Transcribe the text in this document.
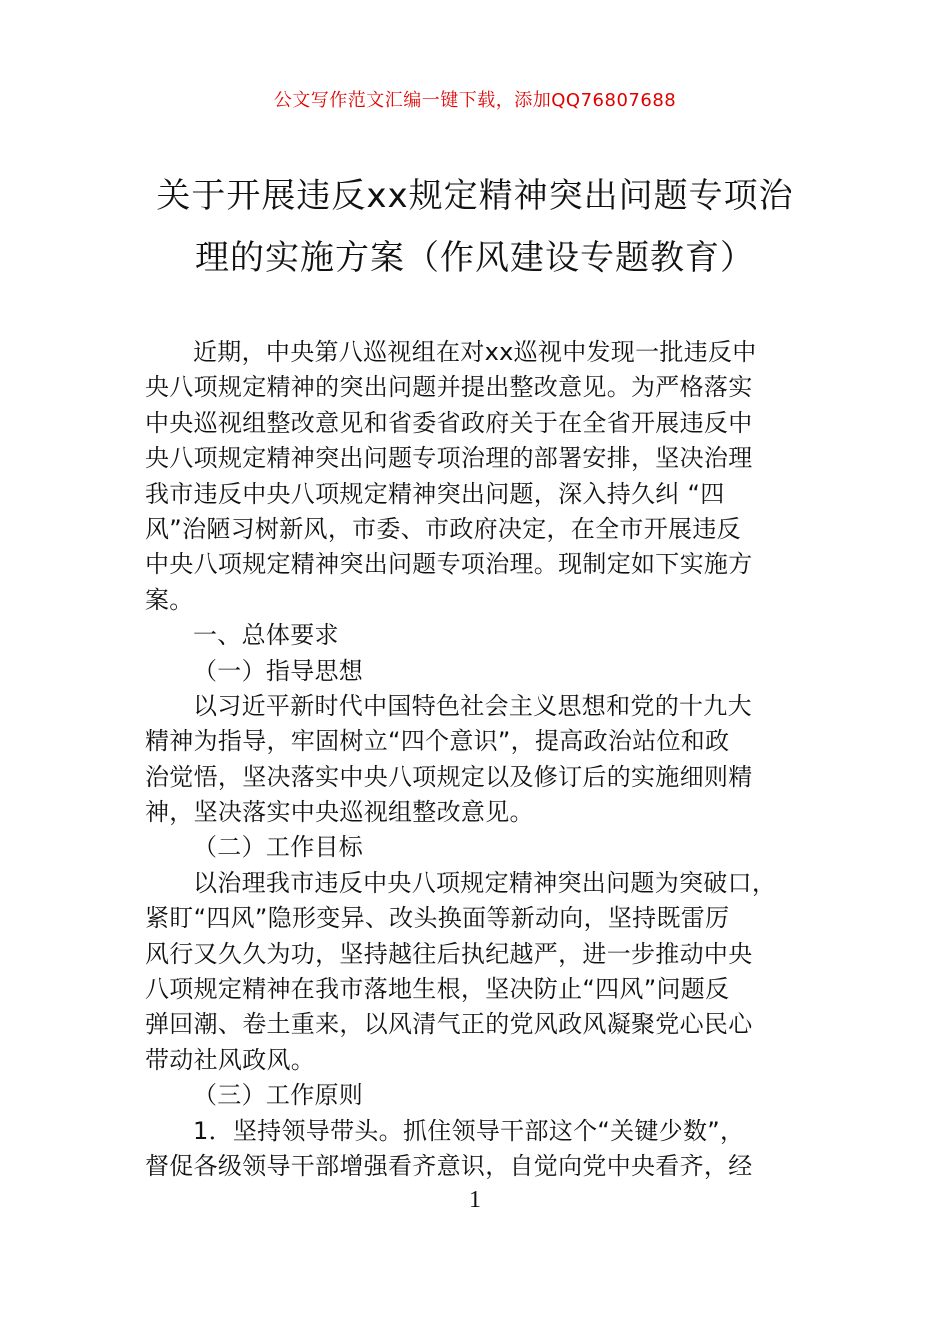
公文写作范文汇编一键下载，添加QQ76807688
关于开展违反xx规定精神突出问题专项治
理的实施方案（作风建设专题教育）
近期，中央第八巡视组在对xx巡视中发现一批违反中
央八项规定精神的突出问题并提出整改意见。为严格落实
中央巡视组整改意见和省委省政府关于在全省开展违反中
央八项规定精神突出问题专项治理的部署安排，坚决治理
我市违反中央八项规定精神突出问题，深入持久纠 “四
风”治陋习树新风，市委、市政府决定，在全市开展违反
中央八项规定精神突出问题专项治理。现制定如下实施方
案。
一、总体要求
（一）指导思想
以习近平新时代中国特色社会主义思想和党的十九大
精神为指导，牢固树立“四个意识”，提高政治站位和政
治觉悟，坚决落实中央八项规定以及修订后的实施细则精
神，坚决落实中央巡视组整改意见。
（二）工作目标
以治理我市违反中央八项规定精神突出问题为突破口，
紧盯“四风”隐形变异、改头换面等新动向，坚持既雷厉
风行又久久为功，坚持越往后执纪越严，进一步推动中央
八项规定精神在我市落地生根，坚决防止“四风”问题反
弹回潮、卷土重来，以风清气正的党风政风凝聚党心民心
带动社风政风。
（三）工作原则
1．坚持领导带头。抓住领导干部这个“关键少数”，
督促各级领导干部增强看齐意识，自觉向党中央看齐，经
1
